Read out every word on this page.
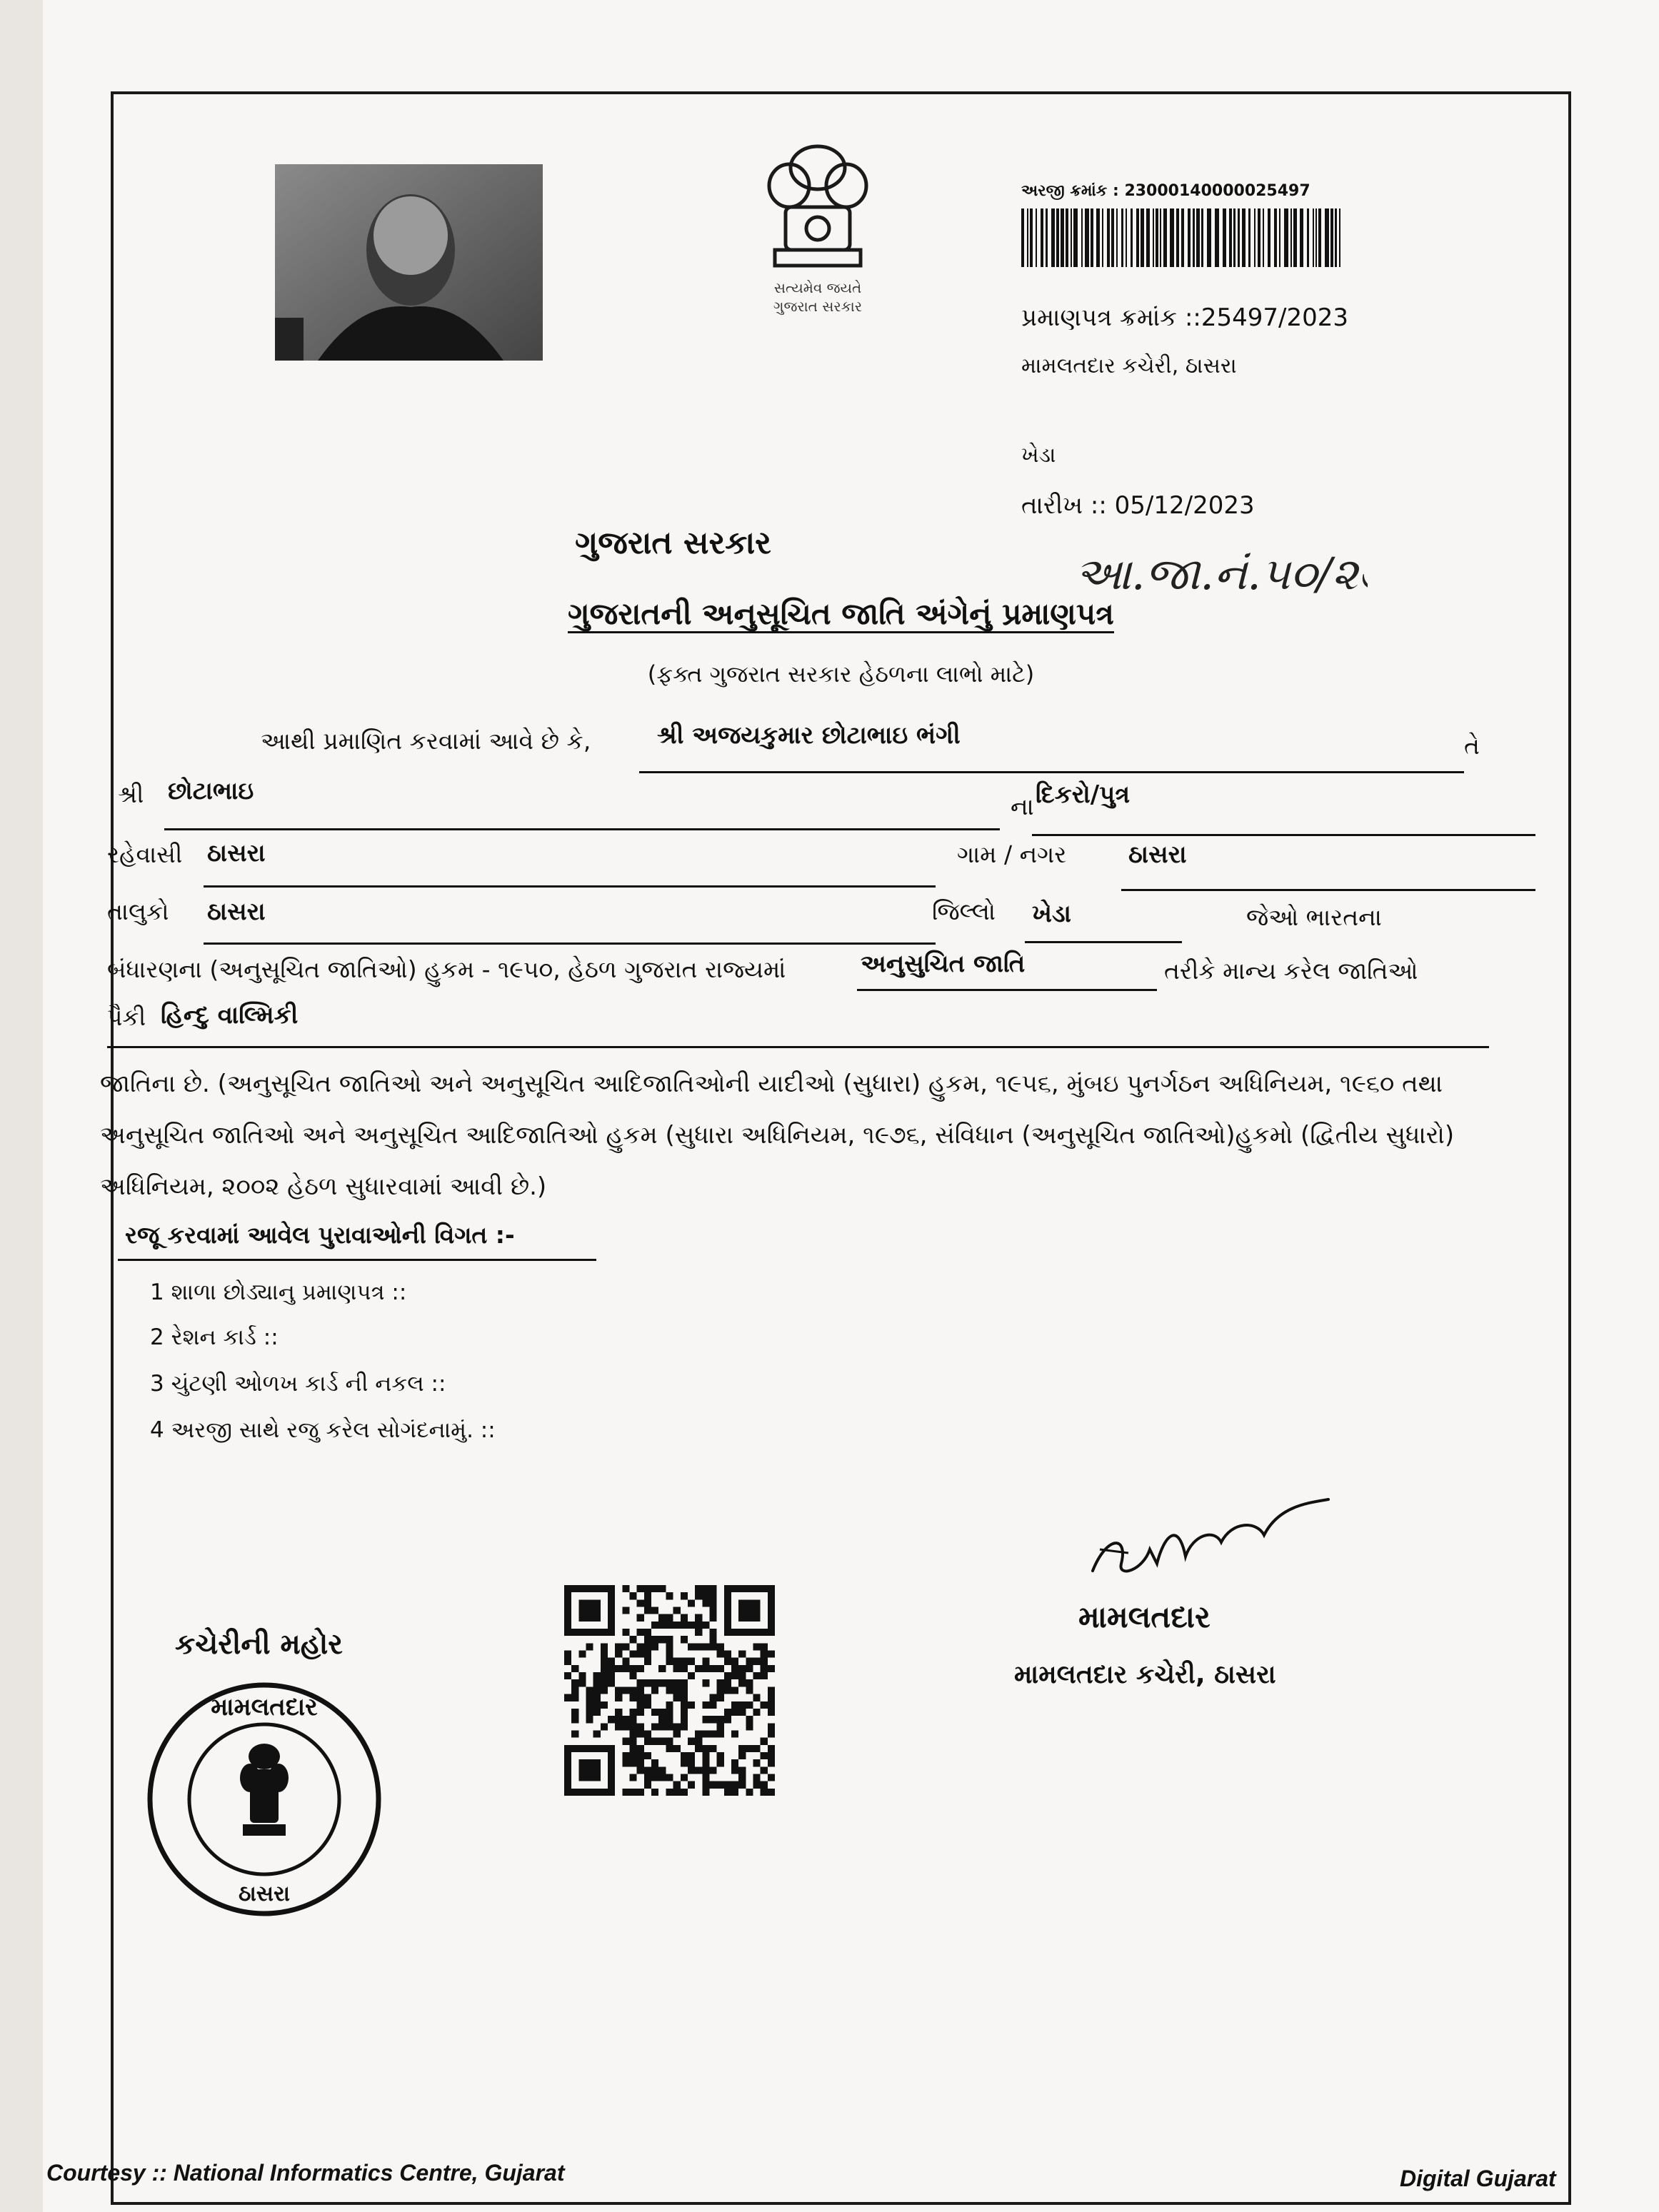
સત્યમેવ જયતે
ગુજરાત સરકાર
અરજી ક્રમાંક : 23000140000025497
પ્રમાણપત્ર ક્રમાંક ::25497/2023
મામલતદાર કચેરી, ઠાસરા
ખેડા
તારીખ :: 05/12/2023
આ.જા.નં.૫૦/૨૩
ગુજરાત સરકાર
ગુજરાતની અનુસૂચિત જાતિ અંગેનું પ્રમાણપત્ર
(ફક્ત ગુજરાત સરકાર હેઠળના લાભો માટે)
આથી પ્રમાણિત કરવામાં આવે છે કે,	શ્રી અજયકુમાર છોટાભાઇ ભંગી	તે
શ્રી છોટાભાઇ
ના દિકરો/પુત્ર
રહેવાસી ઠાસરા	ગામ / નગર	ઠાસરા
તાલુકો ઠાસરા	જિલ્લો ખેડા	જેઓ ભારતના
બંધારણના (અનુસૂચિત જાતિઓ) હુકમ - ૧૯૫૦, હેઠળ ગુજરાત રાજ્યમાં	અનુસુચિત જાતિ	તરીકે માન્ય કરેલ જાતિઓ
પૈકી હિન્દુ વાલ્મિકી
જાતિના છે. (અનુસૂચિત જાતિઓ અને અનુસૂચિત આદિજાતિઓની યાદીઓ (સુધારા) હુકમ, ૧૯૫૬, મુંબઇ પુનર્ગઠન અધિનિયમ, ૧૯૬૦ તથા
અનુસૂચિત જાતિઓ અને અનુસૂચિત આદિજાતિઓ હુકમ (સુધારા અધિનિયમ, ૧૯૭૬, સંવિધાન (અનુસૂચિત જાતિઓ)હુકમો (દ્વિતીય સુધારો)
અધિનિયમ, ૨૦૦૨ હેઠળ સુધારવામાં આવી છે.)
રજૂ કરવામાં આવેલ પુરાવાઓની વિગત :-
1 શાળા છોડ્યાનુ પ્રમાણપત્ર ::
2 રેશન કાર્ડ ::
3 ચુંટણી ઓળખ કાર્ડ ની નકલ ::
4 અરજી સાથે રજુ કરેલ સોગંદનામું. ::
કચેરીની મહોર
મામલતદાર
ઠાસરા
મામલતદાર
મામલતદાર કચેરી, ઠાસરા
Courtesy :: National Informatics Centre, Gujarat	Digital Gujarat
